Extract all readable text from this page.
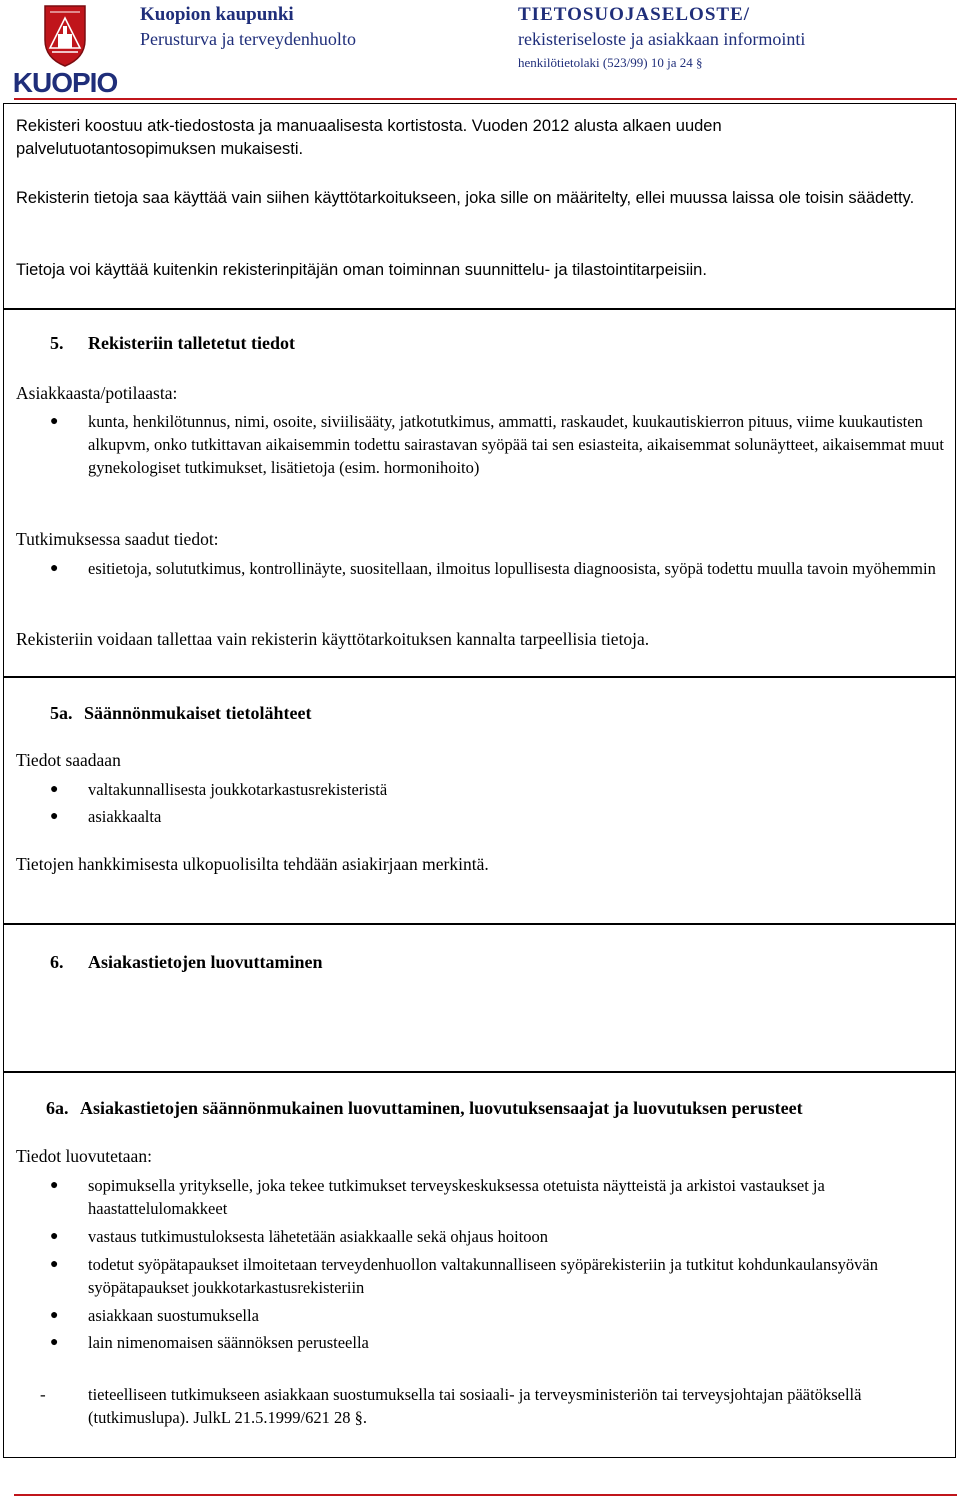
KUOPIO
Kuopion kaupunki
Perusturva ja terveydenhuolto
TIETOSUOJASELOSTE/
rekisteriseloste ja asiakkaan informointi
henkilötietolaki (523/99) 10 ja 24 §

Rekisteri koostuu atk-tiedostosta ja manuaalisesta kortistosta. Vuoden 2012 alusta alkaen uuden palvelutuotantosopimuksen mukaisesti.

Rekisterin tietoja saa käyttää vain siihen käyttötarkoitukseen, joka sille on määritelty, ellei muussa laissa ole toisin säädetty.

Tietoja voi käyttää kuitenkin rekisterinpitäjän oman toiminnan suunnittelu- ja tilastointitarpeisiin.

5. Rekisteriin talletetut tiedot
Asiakkaasta/potilaasta:
● kunta, henkilötunnus, nimi, osoite, siviilisääty, jatkotutkimus, ammatti, raskaudet, kuukautiskierron pituus, viime kuukautisten alkupvm, onko tutkittavan aikaisemmin todettu sairastavan syöpää tai sen esiasteita, aikaisemmat solunäytteet, aikaisemmat muut gynekologiset tutkimukset, lisätietoja (esim. hormonihoito)
Tutkimuksessa saadut tiedot:
● esitietoja, solututkimus, kontrollinäyte, suositellaan, ilmoitus lopullisesta diagnoosista, syöpä todettu muulla tavoin myöhemmin
Rekisteriin voidaan tallettaa vain rekisterin käyttötarkoituksen kannalta tarpeellisia tietoja.
5a. Säännönmukaiset tietolähteet
Tiedot saadaan
● valtakunnallisesta joukkotarkastusrekisteristä
● asiakkaalta
Tietojen hankkimisesta ulkopuolisilta tehdään asiakirjaan merkintä.
6. Asiakastietojen luovuttaminen
6a. Asiakastietojen säännönmukainen luovuttaminen, luovutuksensaajat ja luovutuksen perusteet
Tiedot luovutetaan:
● sopimuksella yritykselle, joka tekee tutkimukset terveyskeskuksessa otetuista näytteistä ja arkistoi vastaukset ja haastattelulomakkeet
● vastaus tutkimustuloksesta lähetetään asiakkaalle sekä ohjaus hoitoon
● todetut syöpätapaukset ilmoitetaan terveydenhuollon valtakunnalliseen syöpärekisteriin ja tutkitut kohdunkaulansyövän syöpätapaukset joukkotarkastusrekisteriin
● asiakkaan suostumuksella
● lain nimenomaisen säännöksen perusteella
-	tieteelliseen tutkimukseen asiakkaan suostumuksella tai sosiaali- ja terveysministeriön tai terveysjohtajan päätöksellä (tutkimuslupa). JulkL 21.5.1999/621 28 §.
